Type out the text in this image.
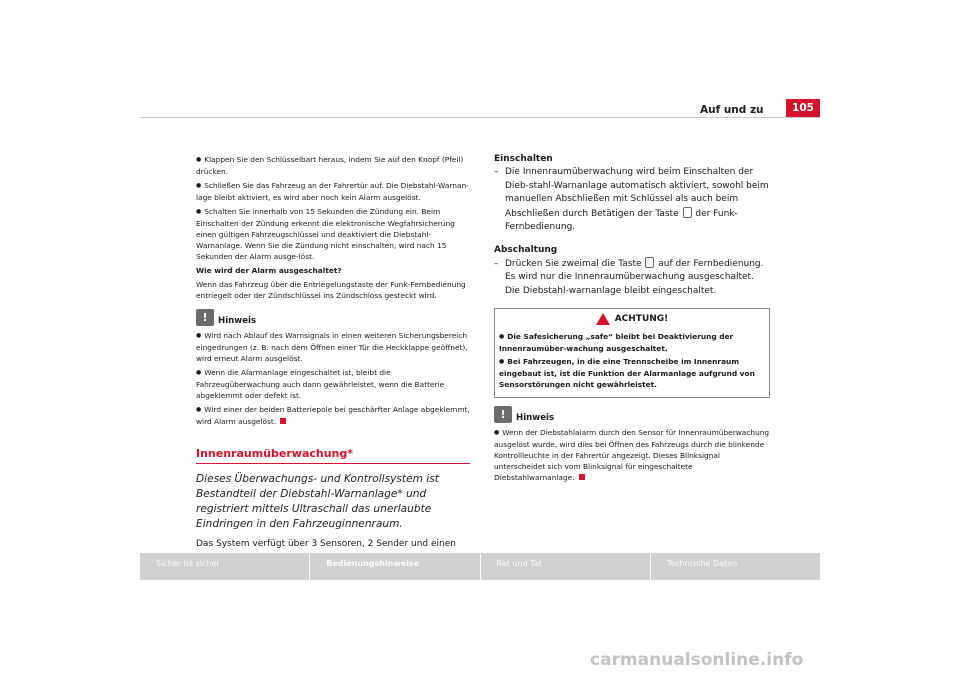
Auf und zu	105
● Klappen Sie den Schlüsselbart heraus, indem Sie auf den Knopf (Pfeil) drücken.
● Schließen Sie das Fahrzeug an der Fahrertür auf. Die Diebstahl-Warnan-lage bleibt aktiviert, es wird aber noch kein Alarm ausgelöst.
● Schalten Sie innerhalb von 15 Sekunden die Zündung ein. Beim Einschalten der Zündung erkennt die elektronische Wegfahrsicherung einen gültigen Fahrzeugschlüssel und deaktiviert die Diebstahl-Warnanlage. Wenn Sie die Zündung nicht einschalten, wird nach 15 Sekunden der Alarm ausge-löst.
Wie wird der Alarm ausgeschaltet?
Wenn das Fahrzeug über die Entriegelungstaste der Funk-Fernbedienung entriegelt oder der Zündschlüssel ins Zündschloss gesteckt wird.
!	Hinweis
● Wird nach Ablauf des Warnsignals in einen weiteren Sicherungsbereich eingedrungen (z. B. nach dem Öffnen einer Tür die Heckklappe geöffnet), wird erneut Alarm ausgelöst.
● Wenn die Alarmanlage eingeschaltet ist, bleibt die Fahrzeugüberwachung auch dann gewährleistet, wenn die Batterie abgeklemmt oder defekt ist.
● Wird einer der beiden Batteriepole bei geschärfter Anlage abgeklemmt, wird Alarm ausgelöst.
Innenraumüberwachung*
Dieses Überwachungs- und Kontrollsystem ist Bestandteil der Diebstahl-Warnanlage* und registriert mittels Ultraschall das unerlaubte Eindringen in den Fahrzeuginnenraum.
Das System verfügt über 3 Sensoren, 2 Sender und einen
Einschalten
– Die Innenraumüberwachung wird beim Einschalten der Dieb-stahl-Warnanlage automatisch aktiviert, sowohl beim manuellen Abschließen mit Schlüssel als auch beim Abschließen durch Betätigen der Taste der Funk-Fernbedienung.
Abschaltung
– Drücken Sie zweimal die Taste auf der Fernbedienung. Es wird nur die Innenraumüberwachung ausgeschaltet. Die Diebstahl-warnanlage bleibt eingeschaltet.
ACHTUNG!
● Die Safesicherung „safe“ bleibt bei Deaktivierung der Innenraumüber-wachung ausgeschaltet.
● Bei Fahrzeugen, in die eine Trennscheibe im Innenraum eingebaut ist, ist die Funktion der Alarmanlage aufgrund von Sensorstörungen nicht gewährleistet.
!	Hinweis
● Wenn der Diebstahlalarm durch den Sensor für Innenraumüberwachung ausgelöst wurde, wird dies bei Öffnen des Fahrzeugs durch die blinkende Kontrollleuchte in der Fahrertür angezeigt. Dieses Blinksignal unterscheidet sich vom Blinksignal für eingeschaltete Diebstahlwarnanlage.
Sicher ist sicher	Bedienungshinweise	Rat und Tat	Technische Daten
carmanualsonline.info
